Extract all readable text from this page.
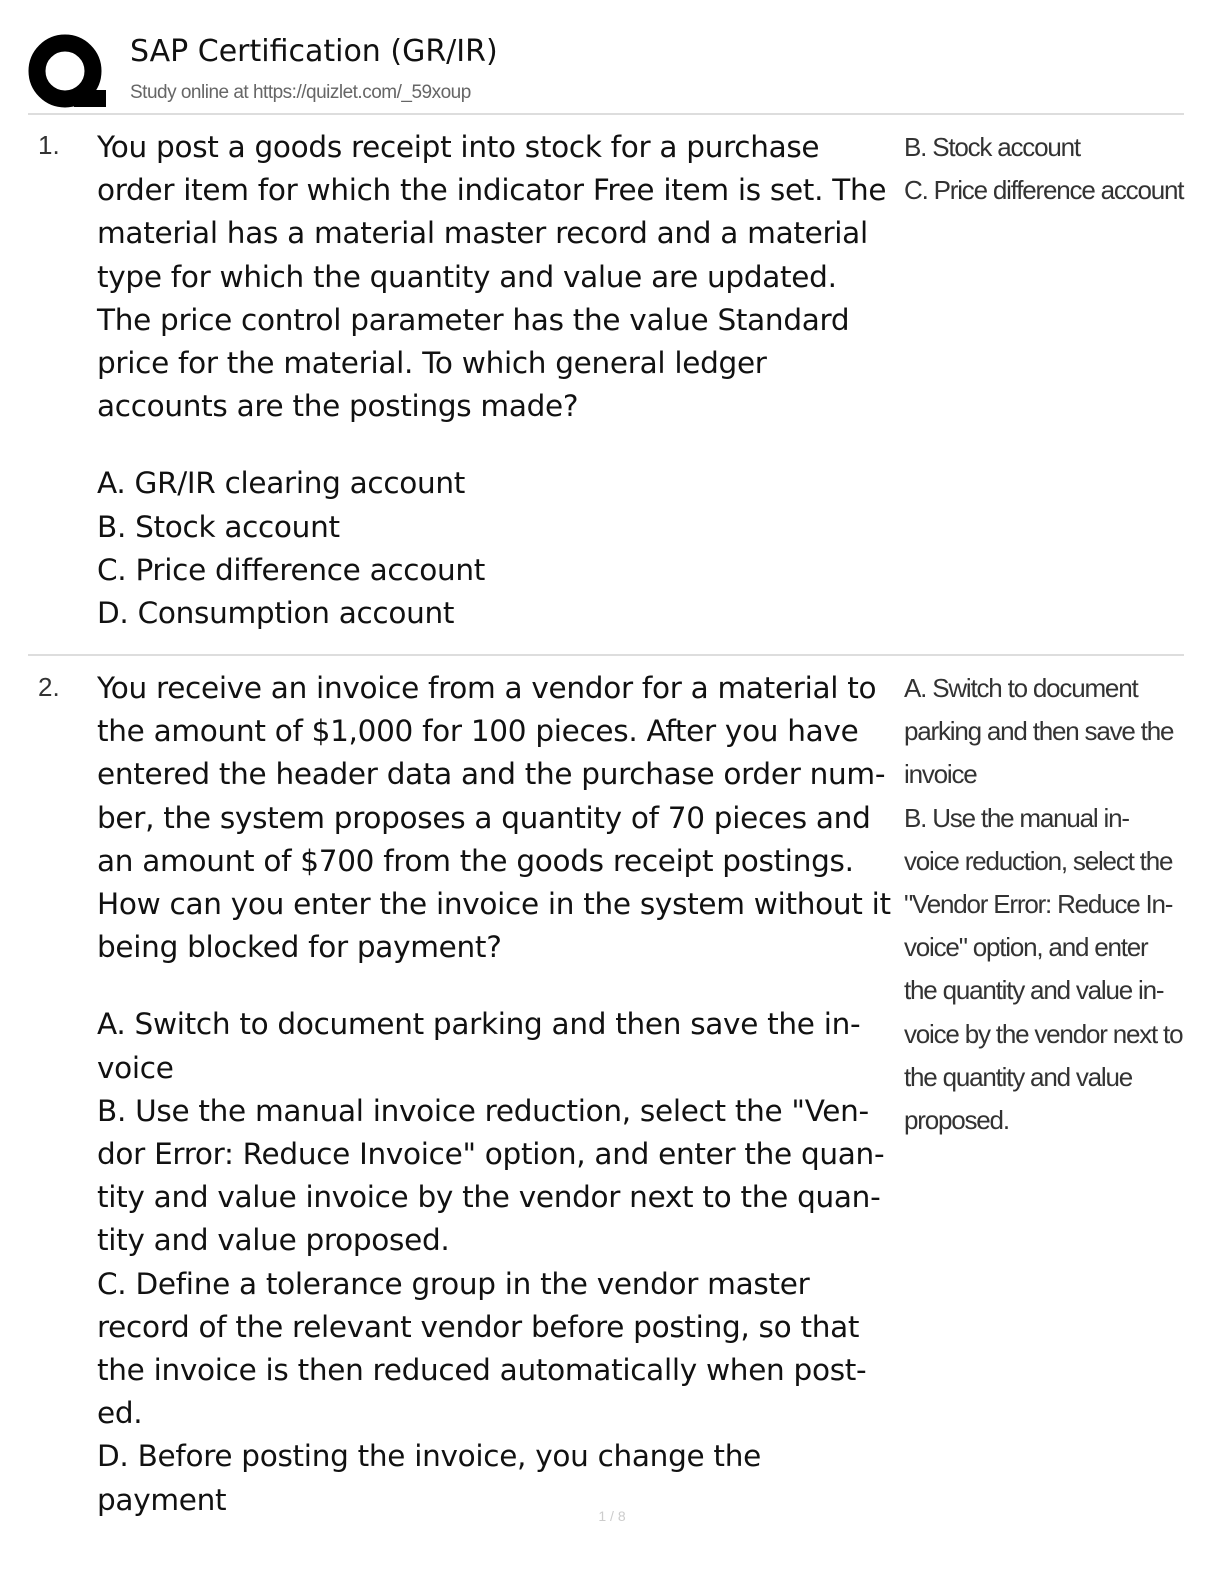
SAP Certification (GR/IR)
Study online at https://quizlet.com/_59xoup
1. You post a goods receipt into stock for a purchase order item for which the indicator Free item is set. The material has a material master record and a material type for which the quantity and value are updated. The price control parameter has the value Standard price for the material. To which general ledger accounts are the postings made?

A. GR/IR clearing account
B. Stock account
C. Price difference account
D. Consumption account
B. Stock account
C. Price difference account
2. You receive an invoice from a vendor for a material to the amount of $1,000 for 100 pieces. After you have entered the header data and the purchase order num- ber, the system proposes a quantity of 70 pieces and an amount of $700 from the goods receipt postings. How can you enter the invoice in the system without it being blocked for payment?

A. Switch to document parking and then save the in- voice
B. Use the manual invoice reduction, select the "Ven- dor Error: Reduce Invoice" option, and enter the quan- tity and value invoice by the vendor next to the quan- tity and value proposed.
C. Define a tolerance group in the vendor master record of the relevant vendor before posting, so that the invoice is then reduced automatically when post- ed.
D. Before posting the invoice, you change the payment
A. Switch to document parking and then save the invoice
B. Use the manual in- voice reduction, select the "Vendor Error: Reduce In- voice" option, and enter the quantity and value in- voice by the vendor next to the quantity and value proposed.
1 / 8
